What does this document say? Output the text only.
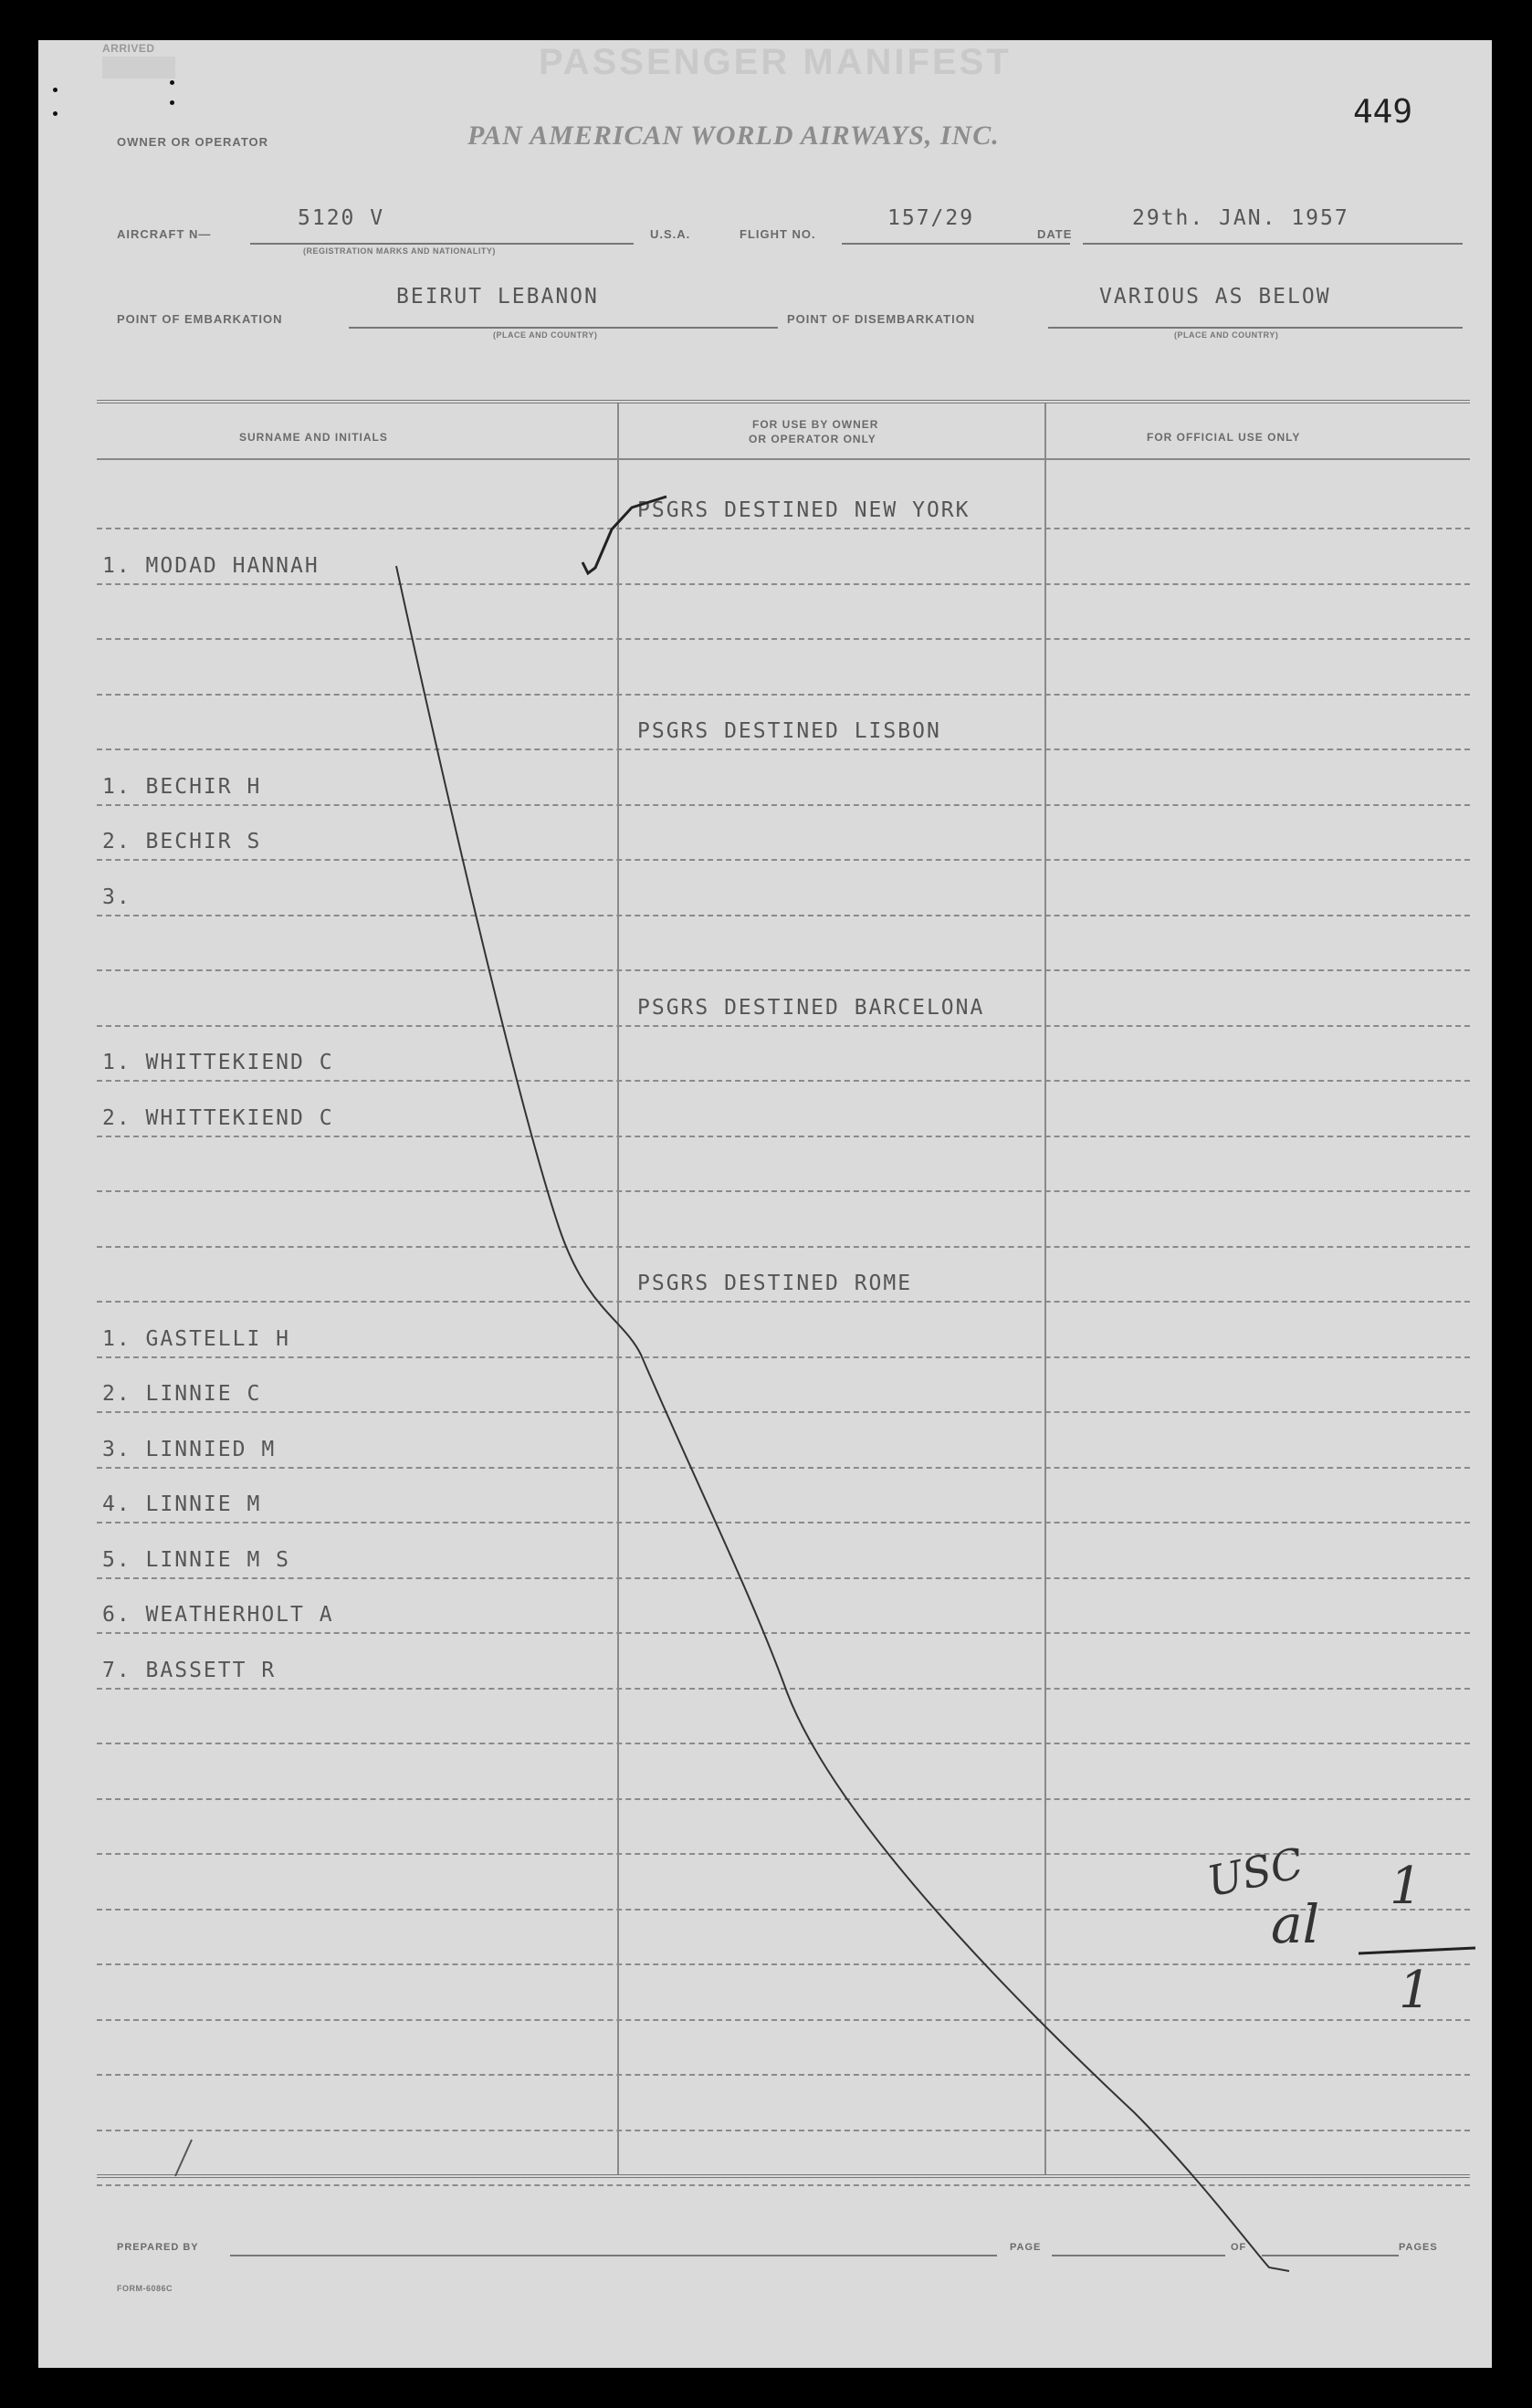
ARRIVED	PASSENGER MANIFEST
449
OWNER OR OPERATOR	PAN AMERICAN WORLD AIRWAYS, INC.
AIRCRAFT N—
5120 V
(REGISTRATION MARKS AND NATIONALITY)
U.S.A.	FLIGHT NO.
157/29
DATE
29th. JAN. 1957
POINT OF EMBARKATION
BEIRUT LEBANON
(PLACE AND COUNTRY)
POINT OF DISEMBARKATION
VARIOUS AS BELOW
(PLACE AND COUNTRY)
SURNAME AND INITIALS
FOR USE BY OWNER
OR OPERATOR ONLY	FOR OFFICIAL USE ONLY
PSGRS DESTINED NEW YORK
1. MODAD HANNAH
PSGRS DESTINED LISBON
1. BECHIR H
2. BECHIR S
3.
PSGRS DESTINED BARCELONA
1. WHITTEKIEND C
2. WHITTEKIEND C
PSGRS DESTINED ROME
1. GASTELLI H
2. LINNIE C
3. LINNIED M
4. LINNIE M
5. LINNIE M S
6. WEATHERHOLT A
7. BASSETT R
USC
al
1
1
PREPARED BY
FORM-6086C
PAGE	OF	PAGES
